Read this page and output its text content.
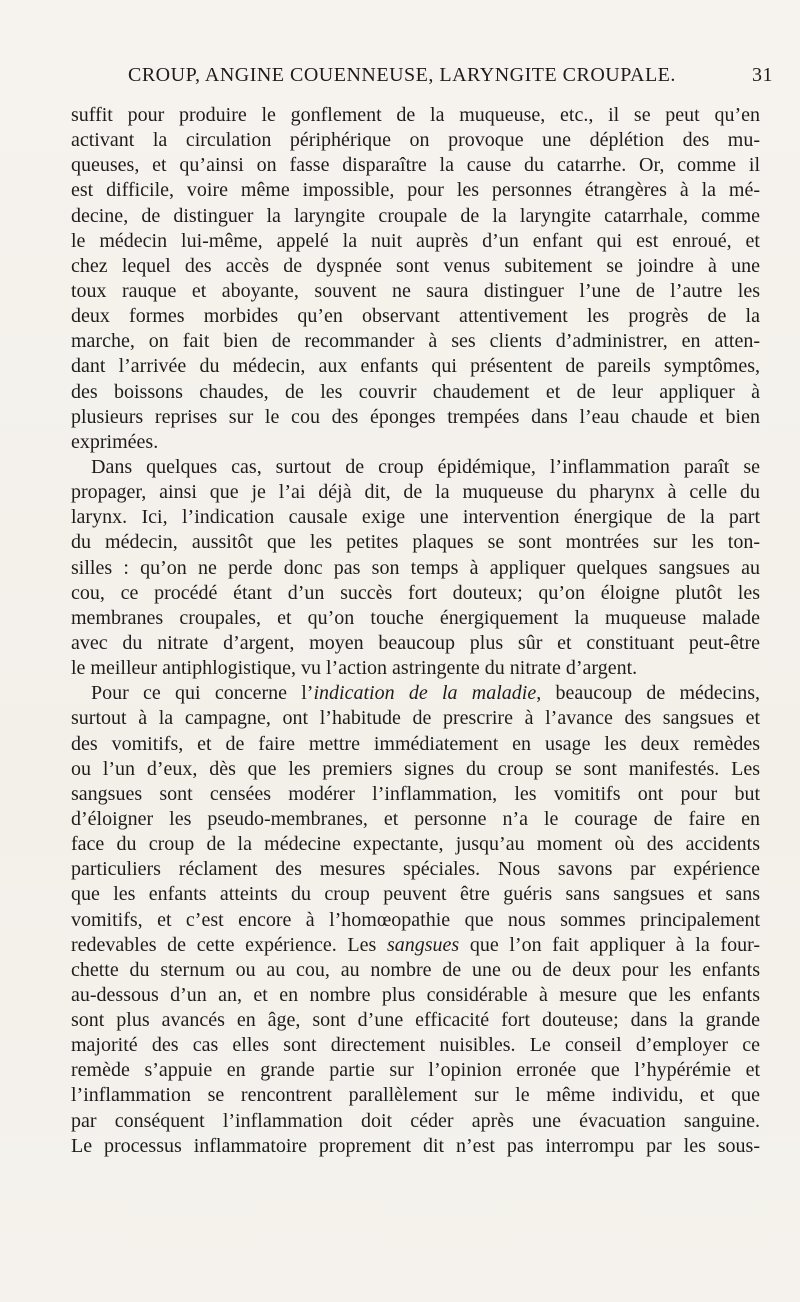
CROUP, ANGINE COUENNEUSE, LARYNGITE CROUPALE.	31
suffit pour produire le gonflement de la muqueuse, etc., il se peut qu’en
activant la circulation périphérique on provoque une déplétion des mu-
queuses, et qu’ainsi on fasse disparaître la cause du catarrhe. Or, comme il
est difficile, voire même impossible, pour les personnes étrangères à la mé-
decine, de distinguer la laryngite croupale de la laryngite catarrhale, comme
le médecin lui-même, appelé la nuit auprès d’un enfant qui est enroué, et
chez lequel des accès de dyspnée sont venus subitement se joindre à une
toux rauque et aboyante, souvent ne saura distinguer l’une de l’autre les
deux formes morbides qu’en observant attentivement les progrès de la
marche, on fait bien de recommander à ses clients d’administrer, en atten-
dant l’arrivée du médecin, aux enfants qui présentent de pareils symptômes,
des boissons chaudes, de les couvrir chaudement et de leur appliquer à
plusieurs reprises sur le cou des éponges trempées dans l’eau chaude et bien
exprimées.
Dans quelques cas, surtout de croup épidémique, l’inflammation paraît se
propager, ainsi que je l’ai déjà dit, de la muqueuse du pharynx à celle du
larynx. Ici, l’indication causale exige une intervention énergique de la part
du médecin, aussitôt que les petites plaques se sont montrées sur les ton-
silles : qu’on ne perde donc pas son temps à appliquer quelques sangsues au
cou, ce procédé étant d’un succès fort douteux; qu’on éloigne plutôt les
membranes croupales, et qu’on touche énergiquement la muqueuse malade
avec du nitrate d’argent, moyen beaucoup plus sûr et constituant peut-être
le meilleur antiphlogistique, vu l’action astringente du nitrate d’argent.
Pour ce qui concerne l’indication de la maladie, beaucoup de médecins,
surtout à la campagne, ont l’habitude de prescrire à l’avance des sangsues et
des vomitifs, et de faire mettre immédiatement en usage les deux remèdes
ou l’un d’eux, dès que les premiers signes du croup se sont manifestés. Les
sangsues sont censées modérer l’inflammation, les vomitifs ont pour but
d’éloigner les pseudo-membranes, et personne n’a le courage de faire en
face du croup de la médecine expectante, jusqu’au moment où des accidents
particuliers réclament des mesures spéciales. Nous savons par expérience
que les enfants atteints du croup peuvent être guéris sans sangsues et sans
vomitifs, et c’est encore à l’homœopathie que nous sommes principalement
redevables de cette expérience. Les sangsues que l’on fait appliquer à la four-
chette du sternum ou au cou, au nombre de une ou de deux pour les enfants
au-dessous d’un an, et en nombre plus considérable à mesure que les enfants
sont plus avancés en âge, sont d’une efficacité fort douteuse; dans la grande
majorité des cas elles sont directement nuisibles. Le conseil d’employer ce
remède s’appuie en grande partie sur l’opinion erronée que l’hypérémie et
l’inflammation se rencontrent parallèlement sur le même individu, et que
par conséquent l’inflammation doit céder après une évacuation sanguine.
Le processus inflammatoire proprement dit n’est pas interrompu par les sous-
